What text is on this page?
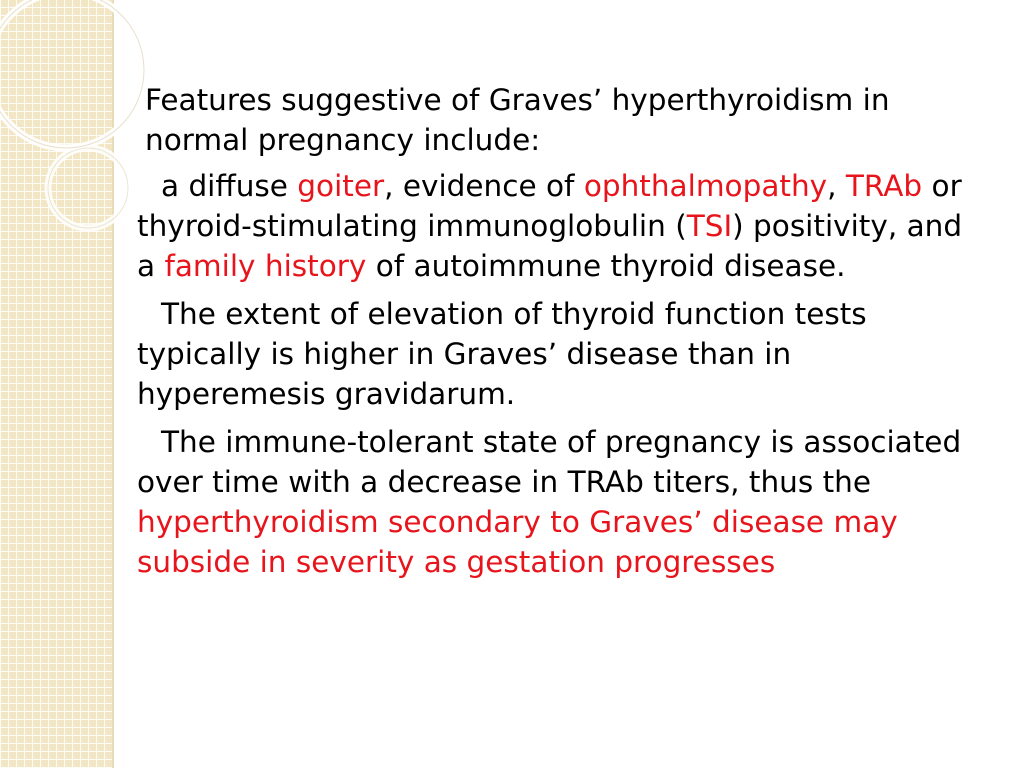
Features suggestive of Graves’ hyperthyroidism in normal pregnancy include:

a diffuse goiter, evidence of ophthalmopathy, TRAb or thyroid-stimulating immunoglobulin (TSI) positivity, and a family history of autoimmune thyroid disease.

The extent of elevation of thyroid function tests typically is higher in Graves’ disease than in hyperemesis gravidarum.

The immune-tolerant state of pregnancy is associated over time with a decrease in TRAb titers, thus the hyperthyroidism secondary to Graves’ disease may subside in severity as gestation progresses
